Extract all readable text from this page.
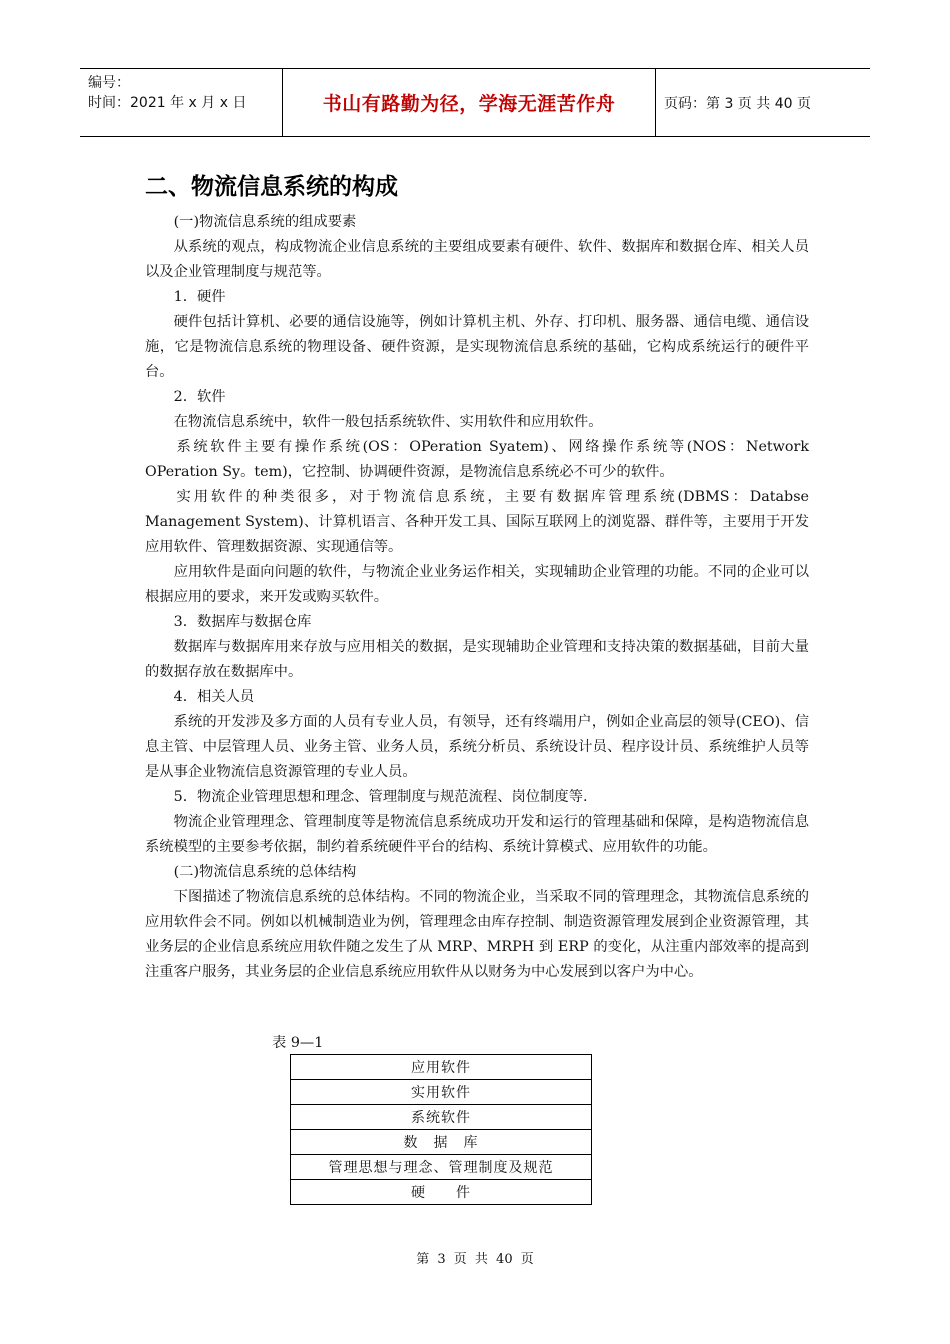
编号：
时间：2021 年 x 月 x 日	书山有路勤为径，学海无涯苦作舟	页码：第 3 页 共 40 页
二、物流信息系统的构成

(一)物流信息系统的组成要素

从系统的观点，构成物流企业信息系统的主要组成要素有硬件、软件、数据库和数据仓库、相关人员以及企业管理制度与规范等。

1．硬件

硬件包括计算机、必要的通信设施等，例如计算机主机、外存、打印机、服务器、通信电缆、通信设施，它是物流信息系统的物理设备、硬件资源，是实现物流信息系统的基础，它构成系统运行的硬件平台。

2．软件

在物流信息系统中，软件一般包括系统软件、实用软件和应用软件。

系统软件主要有操作系统(OS：OPeration Syatem)、网络操作系统等(NOS：Network OPeration Sy。tem)，它控制、协调硬件资源，是物流信息系统必不可少的软件。

实用软件的种类很多，对于物流信息系统，主要有数据库管理系统(DBMS：Databse Management System)、计算机语言、各种开发工具、国际互联网上的浏览器、群件等，主要用于开发应用软件、管理数据资源、实现通信等。

应用软件是面向问题的软件，与物流企业业务运作相关，实现辅助企业管理的功能。不同的企业可以根据应用的要求，来开发或购买软件。

3．数据库与数据仓库

数据库与数据库用来存放与应用相关的数据，是实现辅助企业管理和支持决策的数据基础，目前大量的数据存放在数据库中。

4．相关人员

系统的开发涉及多方面的人员有专业人员，有领导，还有终端用户，例如企业高层的领导(CEO)、信息主管、中层管理人员、业务主管、业务人员，系统分析员、系统设计员、程序设计员、系统维护人员等是从事企业物流信息资源管理的专业人员。

5．物流企业管理思想和理念、管理制度与规范流程、岗位制度等.

物流企业管理理念、管理制度等是物流信息系统成功开发和运行的管理基础和保障，是构造物流信息系统模型的主要参考依据，制约着系统硬件平台的结构、系统计算模式、应用软件的功能。

(二)物流信息系统的总体结构

下图描述了物流信息系统的总体结构。不同的物流企业，当采取不同的管理理念，其物流信息系统的应用软件会不同。例如以机械制造业为例，管理理念由库存控制、制造资源管理发展到企业资源管理，其业务层的企业信息系统应用软件随之发生了从 MRP、MRPH 到 ERP 的变化，从注重内部效率的提高到注重客户服务，其业务层的企业信息系统应用软件从以财务为中心发展到以客户为中心。

表 9—1
应用软件
实用软件
系统软件
数　据　库
管理思想与理念、管理制度及规范
硬　　件
第 3 页 共 40 页
